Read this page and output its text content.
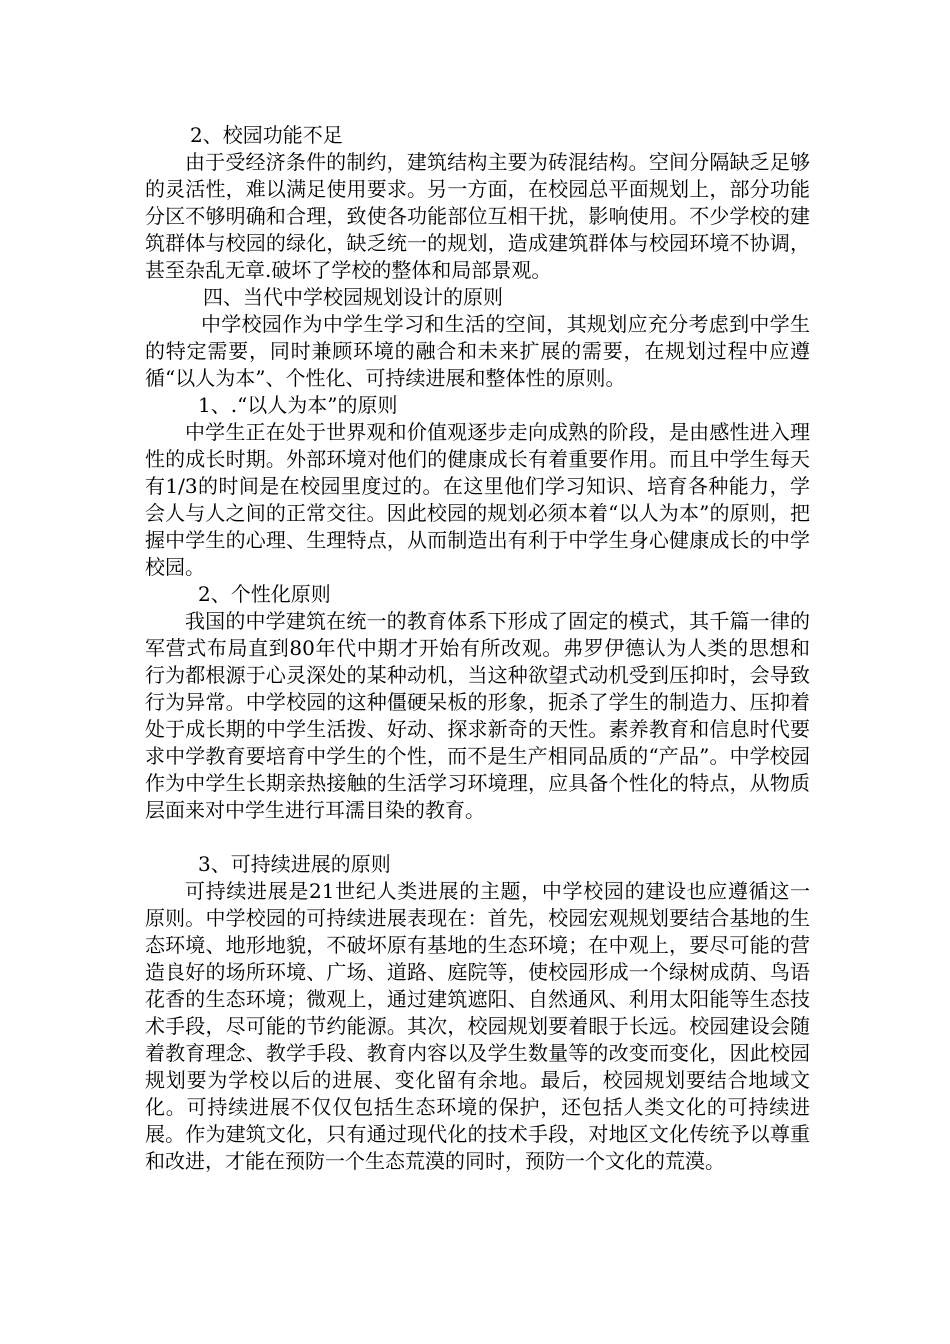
2、校园功能不足

由于受经济条件的制约，建筑结构主要为砖混结构。空间分隔缺乏足够的灵活性，难以满足使用要求。另一方面，在校园总平面规划上，部分功能分区不够明确和合理，致使各功能部位互相干扰，影响使用。不少学校的建筑群体与校园的绿化，缺乏统一的规划，造成建筑群体与校园环境不协调，甚至杂乱无章.破坏了学校的整体和局部景观。

四、当代中学校园规划设计的原则

中学校园作为中学生学习和生活的空间，其规划应充分考虑到中学生的特定需要，同时兼顾环境的融合和未来扩展的需要，在规划过程中应遵循“以人为本”、个性化、可持续进展和整体性的原则。

1、.“以人为本”的原则

中学生正在处于世界观和价值观逐步走向成熟的阶段，是由感性进入理性的成长时期。外部环境对他们的健康成长有着重要作用。而且中学生每天有1/3的时间是在校园里度过的。在这里他们学习知识、培育各种能力，学会人与人之间的正常交往。因此校园的规划必须本着“以人为本”的原则，把握中学生的心理、生理特点，从而制造出有利于中学生身心健康成长的中学校园。

2、个性化原则

我国的中学建筑在统一的教育体系下形成了固定的模式，其千篇一律的军营式布局直到80年代中期才开始有所改观。弗罗伊德认为人类的思想和行为都根源于心灵深处的某种动机，当这种欲望式动机受到压抑时，会导致行为异常。中学校园的这种僵硬呆板的形象，扼杀了学生的制造力、压抑着处于成长期的中学生活拨、好动、探求新奇的天性。素养教育和信息时代要求中学教育要培育中学生的个性，而不是生产相同品质的“产品”。中学校园作为中学生长期亲热接触的生活学习环境理，应具备个性化的特点，从物质层面来对中学生进行耳濡目染的教育。

3、可持续进展的原则

可持续进展是21世纪人类进展的主题，中学校园的建设也应遵循这一原则。中学校园的可持续进展表现在：首先，校园宏观规划要结合基地的生态环境、地形地貌，不破坏原有基地的生态环境；在中观上，要尽可能的营造良好的场所环境、广场、道路、庭院等，使校园形成一个绿树成荫、鸟语花香的生态环境；微观上，通过建筑遮阳、自然通风、利用太阳能等生态技术手段，尽可能的节约能源。其次，校园规划要着眼于长远。校园建设会随着教育理念、教学手段、教育内容以及学生数量等的改变而变化，因此校园规划要为学校以后的进展、变化留有余地。最后，校园规划要结合地域文化。可持续进展不仅仅包括生态环境的保护，还包括人类文化的可持续进展。作为建筑文化，只有通过现代化的技术手段，对地区文化传统予以尊重和改进，才能在预防一个生态荒漠的同时，预防一个文化的荒漠。
